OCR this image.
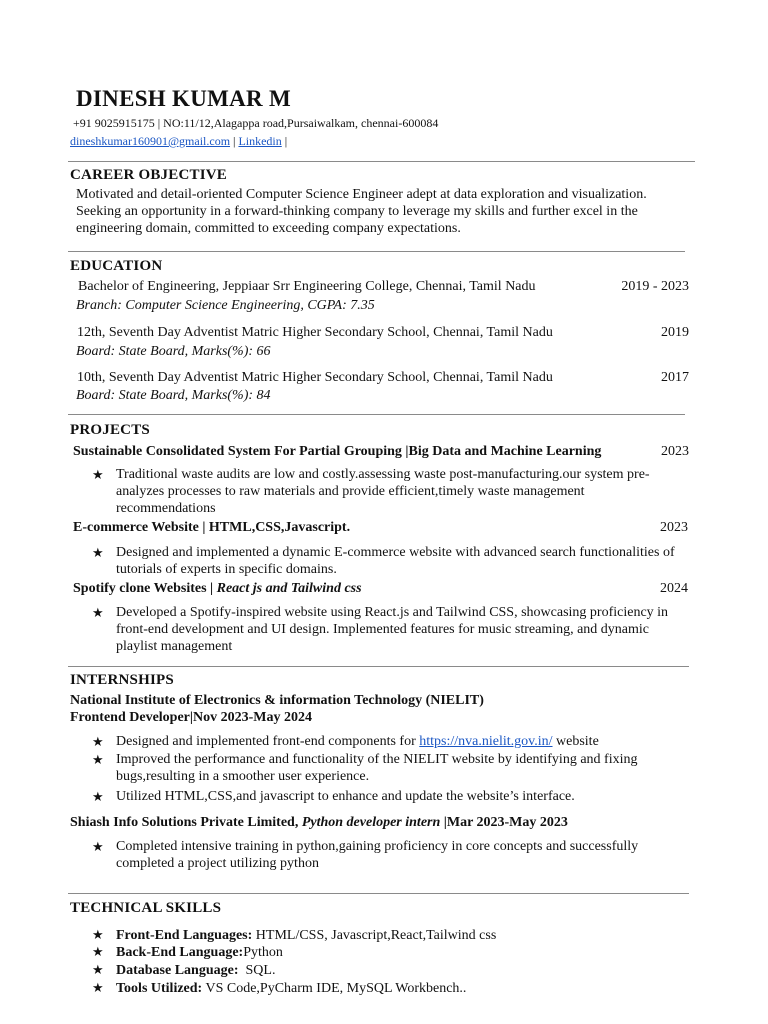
DINESH KUMAR M
+91 9025915175 | NO:11/12,Alagappa road,Pursaiwalkam, chennai-600084
dineshkumar160901@gmail.com | Linkedin |
CAREER OBJECTIVE
Motivated and detail-oriented Computer Science Engineer adept at data exploration and visualization. Seeking an opportunity in a forward-thinking company to leverage my skills and further excel in the engineering domain, committed to exceeding company expectations.
EDUCATION
Bachelor of Engineering, Jeppiaar Srr Engineering College, Chennai, Tamil Nadu	2019 - 2023
Branch: Computer Science Engineering, CGPA: 7.35
12th, Seventh Day Adventist Matric Higher Secondary School, Chennai, Tamil Nadu	2019
Board: State Board, Marks(%): 66
10th, Seventh Day Adventist Matric Higher Secondary School, Chennai, Tamil Nadu	2017
Board: State Board, Marks(%): 84
PROJECTS
Sustainable Consolidated System For Partial Grouping |Big Data and Machine Learning	2023
★ Traditional waste audits are low and costly.assessing waste post-manufacturing.our system pre-analyzes processes to raw materials and provide efficient,timely waste management recommendations
E-commerce Website | HTML,CSS,Javascript.	2023
★ Designed and implemented a dynamic E-commerce website with advanced search functionalities of tutorials of experts in specific domains.
Spotify clone Websites | React js and Tailwind css	2024
★ Developed a Spotify-inspired website using React.js and Tailwind CSS, showcasing proficiency in front-end development and UI design. Implemented features for music streaming, and dynamic playlist management
INTERNSHIPS
National Institute of Electronics & information Technology (NIELIT)
Frontend Developer|Nov 2023-May 2024
★ Designed and implemented front-end components for https://nva.nielit.gov.in/ website
★ Improved the performance and functionality of the NIELIT website by identifying and fixing bugs,resulting in a smoother user experience.
★ Utilized HTML,CSS,and javascript to enhance and update the website’s interface.
Shiash Info Solutions Private Limited, Python developer intern |Mar 2023-May 2023
★ Completed intensive training in python,gaining proficiency in core concepts and successfully completed a project utilizing python
TECHNICAL SKILLS
★ Front-End Languages: HTML/CSS, Javascript,React,Tailwind css
★ Back-End Language:Python
★ Database Language:  SQL.
★ Tools Utilized: VS Code,PyCharm IDE, MySQL Workbench..
